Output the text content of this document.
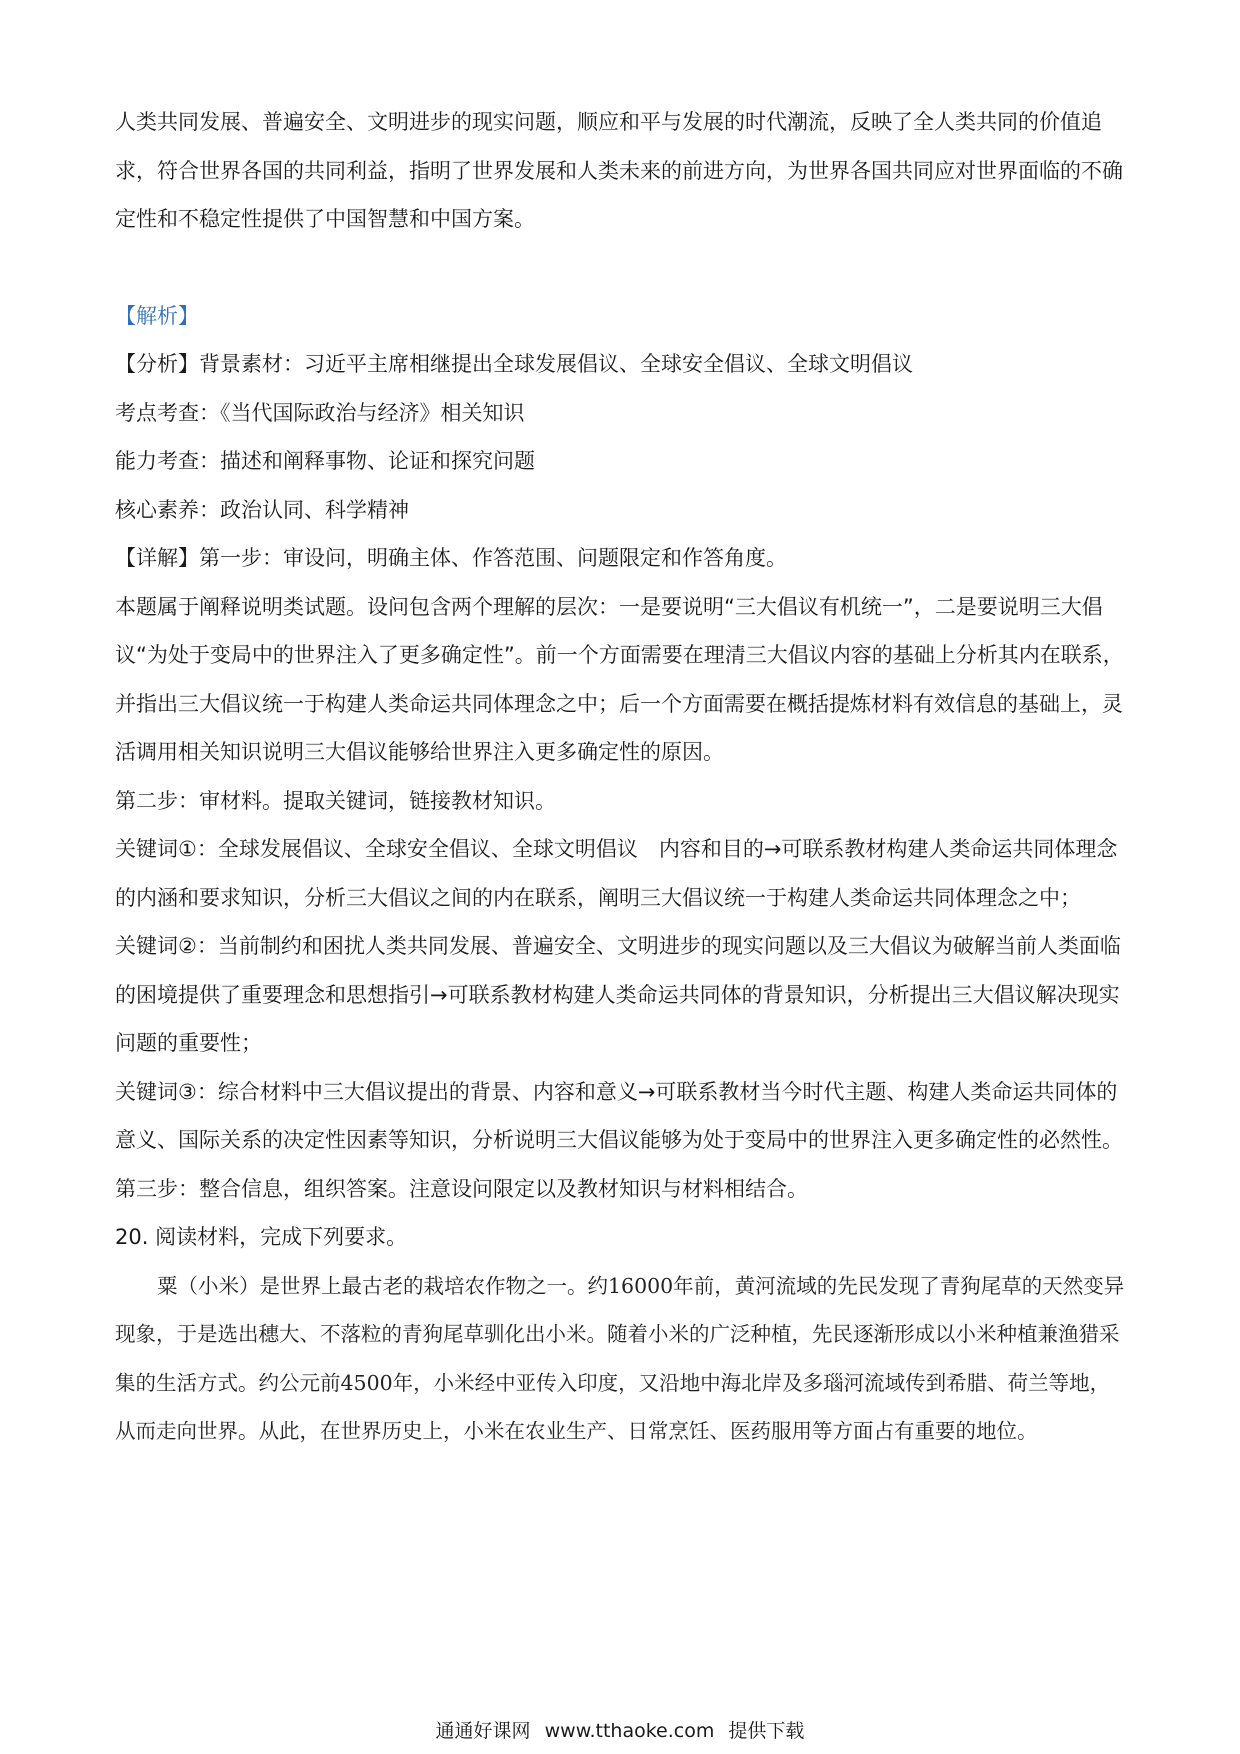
人类共同发展、普遍安全、文明进步的现实问题，顺应和平与发展的时代潮流，反映了全人类共同的价值追求，符合世界各国的共同利益，指明了世界发展和人类未来的前进方向，为世界各国共同应对世界面临的不确定性和不稳定性提供了中国智慧和中国方案。

【解析】

【分析】背景素材：习近平主席相继提出全球发展倡议、全球安全倡议、全球文明倡议

考点考查：《当代国际政治与经济》相关知识

能力考查：描述和阐释事物、论证和探究问题

核心素养：政治认同、科学精神

【详解】第一步：审设问，明确主体、作答范围、问题限定和作答角度。

本题属于阐释说明类试题。设问包含两个理解的层次：一是要说明“三大倡议有机统一”，二是要说明三大倡议“为处于变局中的世界注入了更多确定性”。前一个方面需要在理清三大倡议内容的基础上分析其内在联系，并指出三大倡议统一于构建人类命运共同体理念之中；后一个方面需要在概括提炼材料有效信息的基础上，灵活调用相关知识说明三大倡议能够给世界注入更多确定性的原因。

第二步：审材料。提取关键词，链接教材知识。

关键词①：全球发展倡议、全球安全倡议、全球文明倡议　内容和目的→可联系教材构建人类命运共同体理念的内涵和要求知识，分析三大倡议之间的内在联系，阐明三大倡议统一于构建人类命运共同体理念之中；

关键词②：当前制约和困扰人类共同发展、普遍安全、文明进步的现实问题以及三大倡议为破解当前人类面临的困境提供了重要理念和思想指引→可联系教材构建人类命运共同体的背景知识，分析提出三大倡议解决现实问题的重要性；

关键词③：综合材料中三大倡议提出的背景、内容和意义→可联系教材当今时代主题、构建人类命运共同体的意义、国际关系的决定性因素等知识，分析说明三大倡议能够为处于变局中的世界注入更多确定性的必然性。

第三步：整合信息，组织答案。注意设问限定以及教材知识与材料相结合。

20. 阅读材料，完成下列要求。

粟（小米）是世界上最古老的栽培农作物之一。约16000年前，黄河流域的先民发现了青狗尾草的天然变异现象，于是选出穗大、不落粒的青狗尾草驯化出小米。随着小米的广泛种植，先民逐渐形成以小米种植兼渔猎采集的生活方式。约公元前4500年，小米经中亚传入印度，又沿地中海北岸及多瑙河流域传到希腊、荷兰等地，从而走向世界。从此，在世界历史上，小米在农业生产、日常烹饪、医药服用等方面占有重要的地位。

通通好课网 www.tthaoke.com 提供下载
